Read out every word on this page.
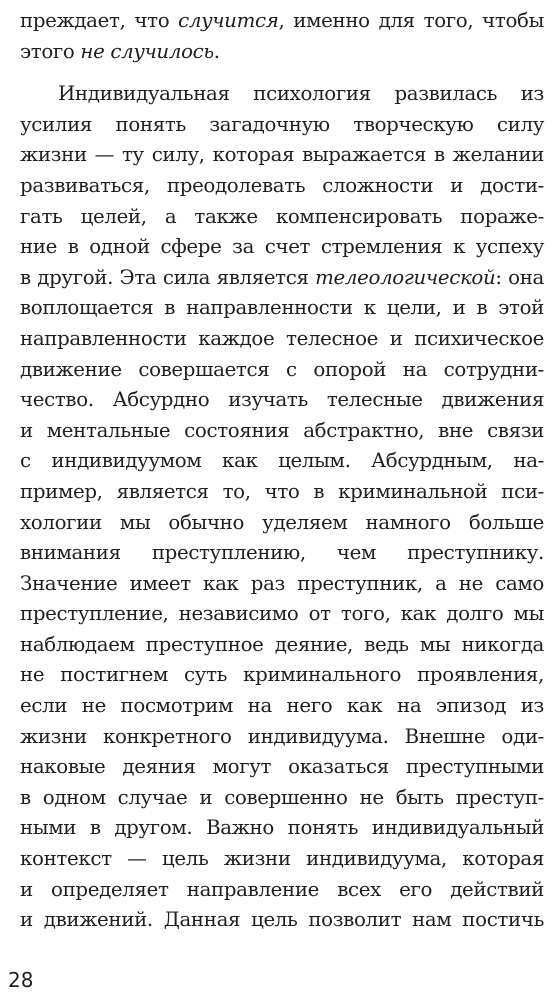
преждает, что случится, именно для того, чтобы
этого не случилось.
Индивидуальная психология развилась из
усилия понять загадочную творческую силу
жизни — ту силу, которая выражается в желании
развиваться, преодолевать сложности и дости-
гать целей, а также компенсировать пораже-
ние в одной сфере за счет стремления к успеху
в другой. Эта сила является телеологической: она
воплощается в направленности к цели, и в этой
направленности каждое телесное и психическое
движение совершается с опорой на сотрудни-
чество. Абсурдно изучать телесные движения
и ментальные состояния абстрактно, вне связи
с индивидуумом как целым. Абсурдным, на-
пример, является то, что в криминальной пси-
хологии мы обычно уделяем намного больше
внимания преступлению, чем преступнику.
Значение имеет как раз преступник, а не само
преступление, независимо от того, как долго мы
наблюдаем преступное деяние, ведь мы никогда
не постигнем суть криминального проявления,
если не посмотрим на него как на эпизод из
жизни конкретного индивидуума. Внешне оди-
наковые деяния могут оказаться преступными
в одном случае и совершенно не быть преступ-
ными в другом. Важно понять индивидуальный
контекст — цель жизни индивидуума, которая
и определяет направление всех его действий
и движений. Данная цель позволит нам постичь
28
